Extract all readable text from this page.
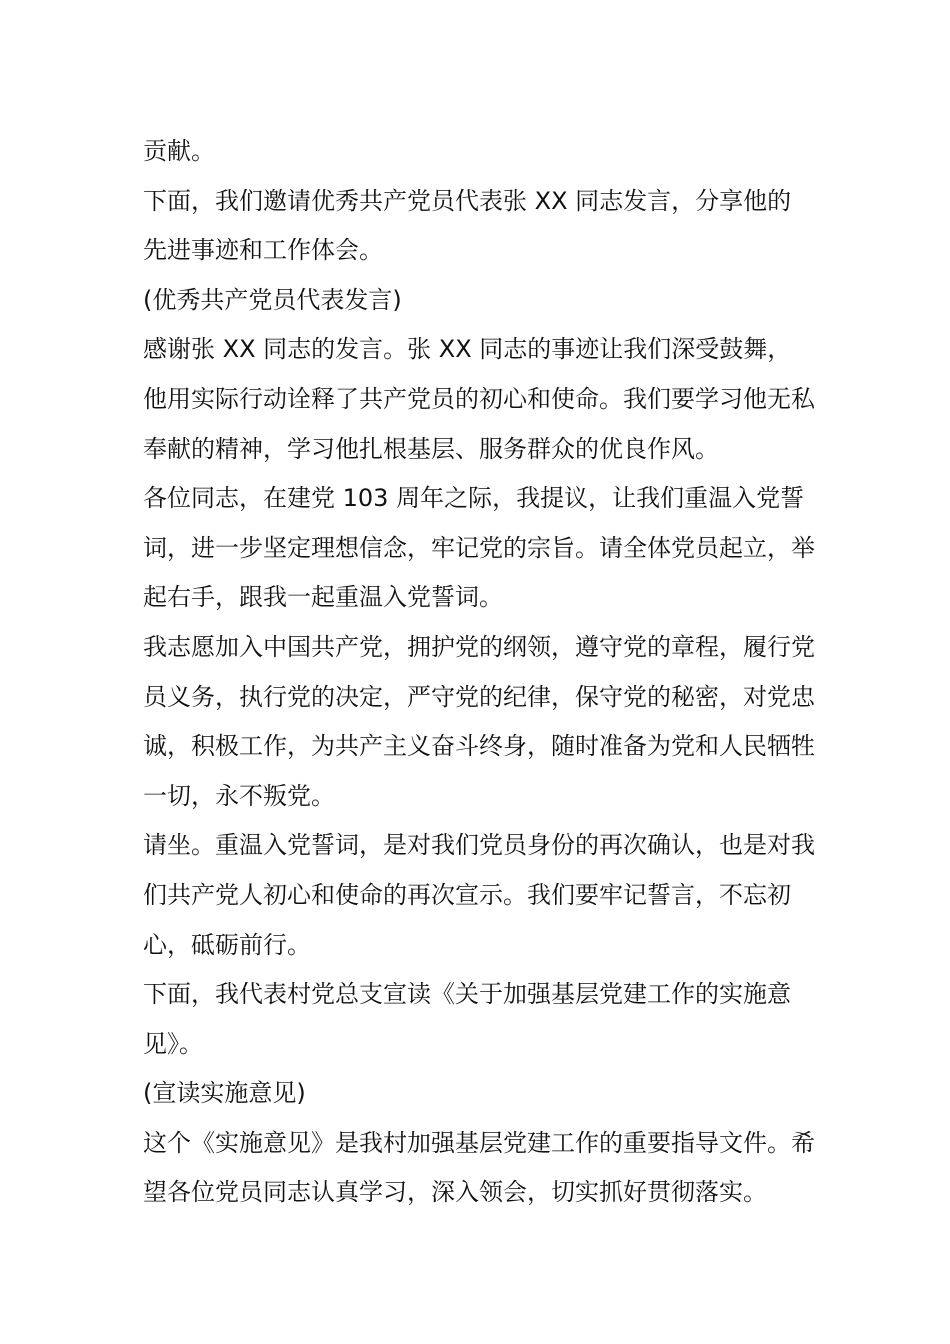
贡献。

下面，我们邀请优秀共产党员代表张 XX 同志发言，分享他的先进事迹和工作体会。

(优秀共产党员代表发言)

感谢张 XX 同志的发言。张 XX 同志的事迹让我们深受鼓舞，他用实际行动诠释了共产党员的初心和使命。我们要学习他无私奉献的精神，学习他扎根基层、服务群众的优良作风。

各位同志，在建党 103 周年之际，我提议，让我们重温入党誓词，进一步坚定理想信念，牢记党的宗旨。请全体党员起立，举起右手，跟我一起重温入党誓词。

我志愿加入中国共产党，拥护党的纲领，遵守党的章程，履行党员义务，执行党的决定，严守党的纪律，保守党的秘密，对党忠诚，积极工作，为共产主义奋斗终身，随时准备为党和人民牺牲一切，永不叛党。

请坐。重温入党誓词，是对我们党员身份的再次确认，也是对我们共产党人初心和使命的再次宣示。我们要牢记誓言，不忘初心，砥砺前行。

下面，我代表村党总支宣读《关于加强基层党建工作的实施意见》。

(宣读实施意见)

这个《实施意见》是我村加强基层党建工作的重要指导文件。希望各位党员同志认真学习，深入领会，切实抓好贯彻落实。
